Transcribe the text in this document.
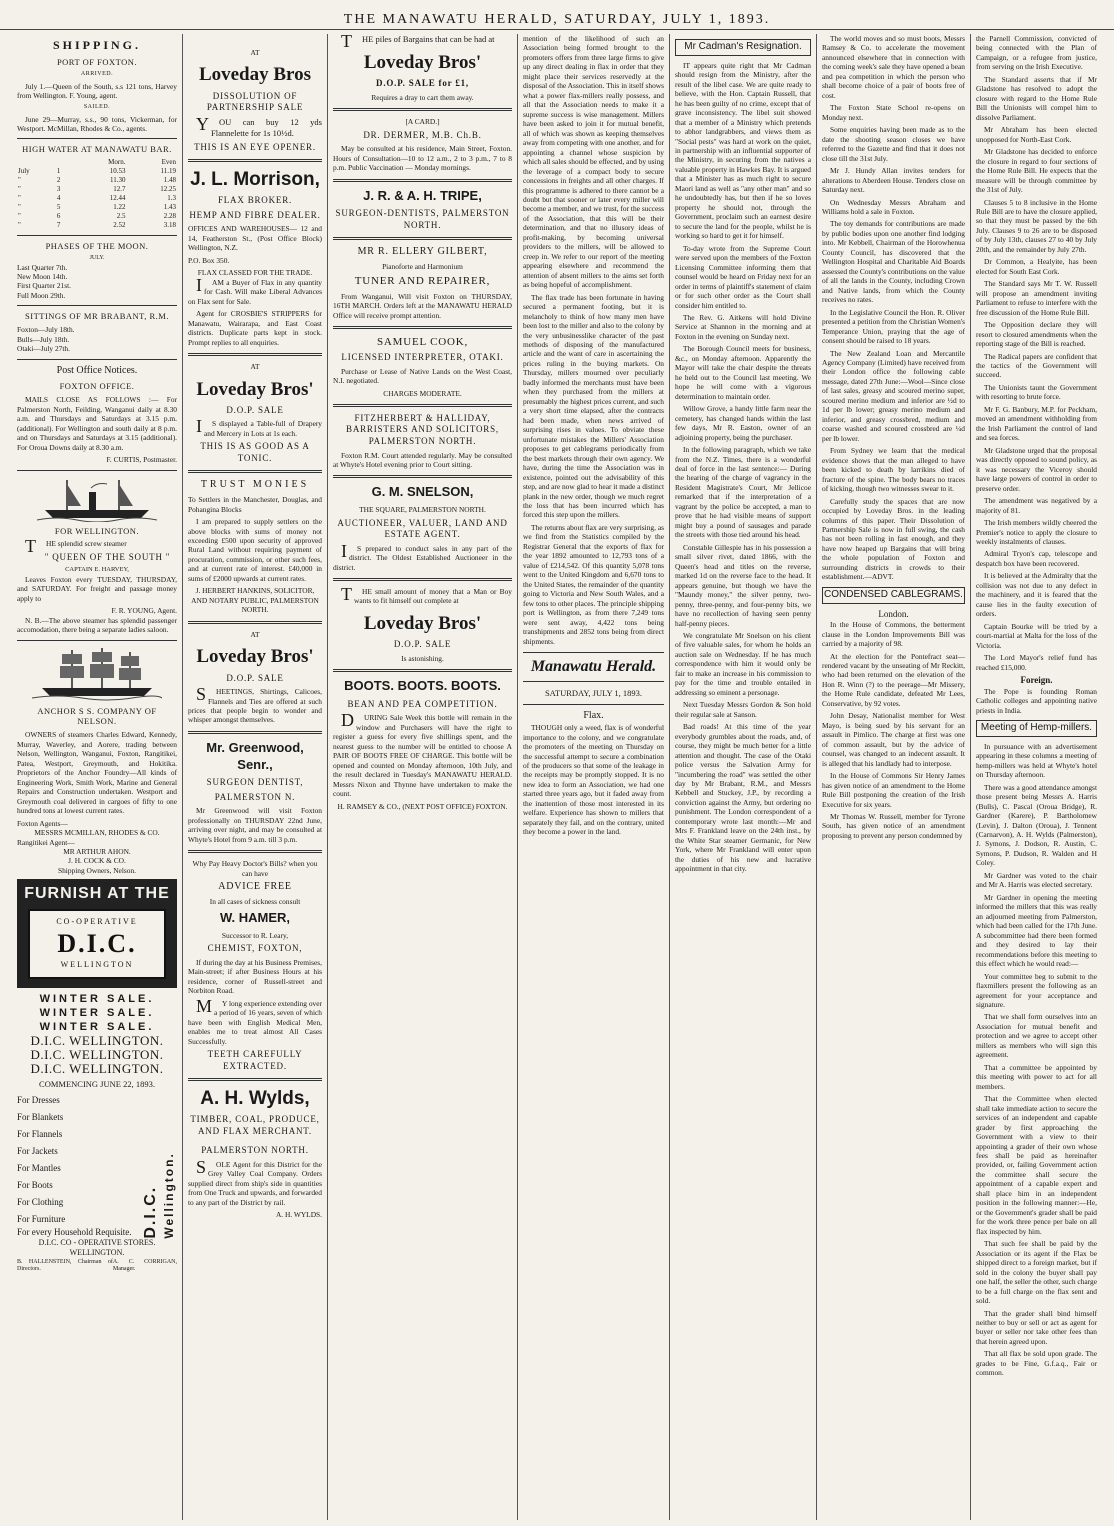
THE MANAWATU HERALD, SATURDAY, JULY 1, 1893.
SHIPPING.
PORT OF FOXTON.
ARRIVED.

July 1.—Queen of the South, s.s 121 tons, Harvey from Wellington. F. Young, agent.

SAILED.

June 29—Murray, s.s., 90 tons, Vickerman, for Westport. McMillan, Rhodes & Co., agents.

HIGH WATER AT MANAWATU BAR.
		Morn.	Even
July	1	10.53	11.19
"	2	11.30	1.48
"	3	12.7	12.25
"	4	12.44	1.3
"	5	1.22	1.43
"	6	2.5	2.28
"	7	2.52	3.18
PHASES OF THE MOON.
JULY.
Last Quarter 7th.
New Moon 14th.
First Quarter 21st.
Full Moon 29th.
SITTINGS OF MR BRABANT, R.M.
Foxton—July 18th.
Bulls—July 18th.
Otaki—July 27th.
Post Office Notices.
FOXTON OFFICE.

MAILS CLOSE AS FOLLOWS :— For Palmerston North, Feilding, Wanganui daily at 8.30 a.m. and Thursdays and Saturdays at 3.15 p.m. (additional). For Wellington and south daily at 8 p.m. and on Thursdays and Saturdays at 3.15 (additional). For Oroua Downs daily at 8.30 a.m.

F. CURTIS, Postmaster.
FOR WELLINGTON.

THE splendid screw steamer

" QUEEN OF THE SOUTH "
CAPTAIN E. HARVEY,

Leaves Foxton every TUESDAY, THURSDAY, and SATURDAY. For freight and passage money apply to

F. R. YOUNG, Agent.

N. B.—The above steamer has splendid passenger accomodation, there being a separate ladies saloon.

ANCHOR S S. COMPANY OF NELSON.

OWNERS of steamers Charles Edward, Kennedy, Murray, Waverley, and Aorere, trading between Nelson, Wellington, Wanganui, Foxton, Rangitikei, Patea, Westport, Greymouth, and Hokitika. Proprietors of the Anchor Foundry—All kinds of Engineering Work, Smith Work, Marine and General Repairs and Construction undertaken. Westport and Greymouth coal delivered in cargoes of fifty to one hundred tons at lowest current rates.

Foxton Agents—
MESSRS MCMILLAN, RHODES & CO.
Rangitikei Agent—
MR ARTHUR AHON.
J. H. COCK & CO.
Shipping Owners, Nelson.
FURNISH AT THE
CO-OPERATIVE
D.I.C.
WELLINGTON
WINTER SALE.
WINTER SALE.
WINTER SALE.
D.I.C. WELLINGTON.
D.I.C. WELLINGTON.
D.I.C. WELLINGTON.
COMMENCING JUNE 22, 1893.
For Dresses
For Blankets
For Flannels
For Jackets
For Mantles
For Boots
For Clothing
For Furniture
For every Household Requisite. D.I.C. Wellington.
D.I.C. CO - OPERATIVE STORES. WELLINGTON.
B. HALLENSTEIN, Chairman of Directors.
A. C. CORRIGAN, Manager.
AT
Loveday Bros
DISSOLUTION OF PARTNERSHIP SALE

YOU can buy 12 yds Flannelette for 1s 10½d.

THIS IS AN EYE OPENER.
J. L. Morrison,
FLAX BROKER.
HEMP AND FIBRE DEALER.

OFFICES AND WAREHOUSES— 12 and 14, Featherston St., (Post Office Block) Wellington, N.Z.

P.O. Box 350.

FLAX CLASSED FOR THE TRADE.

IAM a Buyer of Flax in any quantity for Cash. Will make Liberal Advances on Flax sent for Sale.

Agent for CROSBIE'S STRIPPERS for Manawatu, Wairarapa, and East Coast districts. Duplicate parts kept in stock. Prompt replies to all enquiries.

AT
Loveday Bros'
D.O.P. SALE

IS displayed a Table-full of Drapery and Mercery in Lots at 1s each.

THIS IS AS GOOD AS A TONIC.
TRUST MONIES

To Settlers in the Manchester, Douglas, and Pohangina Blocks

I am prepared to supply settlers on the above blocks with sums of money not exceeding £500 upon security of approved Rural Land without requiring payment of procuration, commission, or other such fees, and at current rate of interest. £40,000 in sums of £2000 upwards at current rates.

J. HERBERT HANKINS, SOLICITOR, AND NOTARY PUBLIC, PALMERSTON NORTH.
AT
Loveday Bros'
D.O.P. SALE

SHEETINGS, Shirtings, Calicoes, Flannels and Ties are offered at such prices that people begin to wonder and whisper amongst themselves.

Mr. Greenwood, Senr.,
SURGEON DENTIST,
PALMERSTON N.

Mr Greenwood will visit Foxton professionally on THURSDAY 22nd June, arriving over night, and may be consulted at Whyte's Hotel from 9 a.m. till 3 p.m.

Why Pay Heavy Doctor's Bills? when you can have
ADVICE FREE
In all cases of sickness consult
W. HAMER,
Successor to R. Leary,
CHEMIST, FOXTON,

If during the day at his Business Premises, Main-street; if after Business Hours at his residence, corner of Russell-street and Norbiton Road.

MY long experience extending over a period of 16 years, seven of which have been with English Medical Men, enables me to treat almost All Cases Successfully.

TEETH CAREFULLY EXTRACTED.
A. H. Wylds,
TIMBER, COAL, PRODUCE, AND FLAX MERCHANT.
PALMERSTON NORTH.

SOLE Agent for this District for the Grey Valley Coal Company. Orders supplied direct from ship's side in quantities from One Truck and upwards, and forwarded to any part of the District by rail.

A. H. WYLDS.

THE piles of Bargains that can be had at

Loveday Bros'
D.O.P. SALE for £1,
Requires a dray to cart them away.
[A CARD.]
DR. DERMER, M.B. Ch.B.

May be consulted at his residence, Main Street, Foxton. Hours of Consultation—10 to 12 a.m., 2 to 3 p.m., 7 to 8 p.m. Public Vaccination — Monday mornings.

J. R. & A. H. TRIPE,
SURGEON-DENTISTS, PALMERSTON NORTH.
MR R. ELLERY GILBERT,
Pianoforte and Harmonium
TUNER AND REPAIRER,

From Wanganui, Will visit Foxton on THURSDAY, 16TH MARCH. Orders left at the MANAWATU HERALD Office will receive prompt attention.

SAMUEL COOK,
LICENSED INTERPRETER, OTAKI.

Purchase or Lease of Native Lands on the West Coast, N.I. negotiated.

CHARGES MODERATE.
FITZHERBERT & HALLIDAY, BARRISTERS AND SOLICITORS, PALMERSTON NORTH.

Foxton R.M. Court attended regularly. May be consulted at Whyte's Hotel evening prior to Court sitting.

G. M. SNELSON,
THE SQUARE, PALMERSTON NORTH.
AUCTIONEER, VALUER, LAND AND ESTATE AGENT.

IS prepared to conduct sales in any part of the district. The Oldest Established Auctioneer in the district.

THE small amount of money that a Man or Boy wants to fit himself out complete at

Loveday Bros'
D.O.P. SALE
Is astonishing.
BOOTS. BOOTS. BOOTS.
BEAN AND PEA COMPETITION.

DURING Sale Week this bottle will remain in the window and Purchasers will have the right to register a guess for every five shillings spent, and the nearest guess to the number will be entitled to choose A PAIR OF BOOTS FREE OF CHARGE. This bottle will be opened and counted on Monday afternoon, 10th July, and the result declared in Tuesday's MANAWATU HERALD. Messrs Nixon and Thynne have undertaken to make the count.

H. RAMSEY & CO., (NEXT POST OFFICE) FOXTON.

mention of the likelihood of such an Association being formed brought to the promoters offers from three large firms to give up any direct dealing in flax in order that they might place their services reservedly at the disposal of the Association. This in itself shows what a power flax-millers really possess, and all that the Association needs to make it a supreme success is wise management. Millers have been asked to join it for mutual benefit, all of which was shown as keeping themselves away from competing with one another, and for appointing a channel whose suspicion by which all sales should be effected, and by using the leverage of a compact body to secure concessions in freights and all other charges. If this programme is adhered to there cannot be a doubt but that sooner or later every miller will become a member, and we trust, for the success of the Association, that this will be their determination, and that no illusory ideas of profit-making, by becoming universal providers to the millers, will be allowed to creep in. We refer to our report of the meeting appearing elsewhere and recommend the attention of absent millers to the aims set forth as being hopeful of accomplishment.

The flax trade has been fortunate in having secured a permanent footing, but it is melancholy to think of how many men have been lost to the miller and also to the colony by the very unbusinesslike character of the past methods of disposing of the manufactured article and the want of care in ascertaining the prices ruling in the buying markets. On Thursday, millers mourned over peculiarly badly informed the merchants must have been when they purchased from the millers at presumably the highest prices current, and such a very short time elapsed, after the contracts had been made, when news arrived of surprising rises in values. To obviate these unfortunate mistakes the Millers' Association proposes to get cablegrams periodically from the best markets through their own agency. We have, during the time the Association was in existence, pointed out the advisability of this step, and are now glad to hear it made a distinct plank in the new order, though we much regret the loss that has been incurred which has forced this step upon the millers.

The returns about flax are very surprising, as we find from the Statistics compiled by the Registrar General that the exports of flax for the year 1892 amounted to 12,793 tons of a value of £214,542. Of this quantity 5,078 tons went to the United Kingdom and 6,670 tons to the United States, the remainder of the quantity going to Victoria and New South Wales, and a few tons to other places. The principle shipping port is Wellington, as from there 7,249 tons were sent away, 4,422 tons being transhipments and 2852 tons being from direct shipments.

Manawatu Herald.
SATURDAY, JULY 1, 1893.
Flax.

THOUGH only a weed, flax is of wonderful importance to the colony, and we congratulate the promoters of the meeting on Thursday on the successful attempt to secure a combination of the producers so that some of the leakage in the receipts may be promptly stopped. It is no new idea to form an Association, we had one started three years ago, but it faded away from the inattention of those most interested in its welfare. Experience has shown to millers that separately they fail, and on the contrary, united they become a power in the land.

Mr Cadman's Resignation.

IT appears quite right that Mr Cadman should resign from the Ministry, after the result of the libel case. We are quite ready to believe, with the Hon. Captain Russell, that he has been guilty of no crime, except that of grave inconsistency. The libel suit showed that a member of a Ministry which pretends to abhor landgrabbers, and views them as "Social pests" was hard at work on the quiet, in partnership with an influential supporter of the Ministry, in securing from the natives a valuable property in Hawkes Bay. It is argued that a Minister has as much right to secure Maori land as well as "any other man" and so he undoubtedly has, but then if he so loves property he should not, through the Government, proclaim such an earnest desire to secure the land for the people, whilst he is working so hard to get it for himself.

To-day wrote from the Supreme Court were served upon the members of the Foxton Licensing Committee informing them that counsel would be heard on Friday next for an order in terms of plaintiff's statement of claim or for such other order as the Court shall consider him entitled to.

The Rev. G. Aitkens will hold Divine Service at Shannon in the morning and at Foxton in the evening on Sunday next.

The Borough Council meets for business, &c., on Monday afternoon. Apparently the Mayor will take the chair despite the threats he held out to the Council last meeting. We hope he will come with a vigorous determination to maintain order.

Willow Grove, a handy little farm near the cemetery, has changed hands within the last few days, Mr R. Easton, owner of an adjoining property, being the purchaser.

In the following paragraph, which we take from the N.Z. Times, there is a wonderful deal of force in the last sentence:— During the hearing of the charge of vagrancy in the Resident Magistrate's Court, Mr Jellicoe remarked that if the interpretation of a vagrant by the police be accepted, a man to prove that he had visible means of support might buy a pound of sausages and parade the streets with those tied around his head.

Constable Gillespie has in his possession a small silver rivet, dated 1866, with the Queen's head and titles on the reverse, marked 1d on the reverse face to the head. It appears genuine, but though we have the "Maundy money," the silver penny, two-penny, three-penny, and four-penny bits, we have no recollection of having seen penny half-penny pieces.

We congratulate Mr Snelson on his client of five valuable sales, for whom he holds an auction sale on Wednesday. If he has much correspondence with him it would only be fair to make an increase in his commission to pay for the time and trouble entailed in addressing so eminent a personage.

Next Tuesday Messrs Gordon & Son hold their regular sale at Sanson.

Bad roads! At this time of the year everybody grumbles about the roads, and, of course, they might be much better for a little attention and thought. The case of the Otaki police versus the Salvation Army for "incumbering the road" was settled the other day by Mr Brabant, R.M., and Messrs Kebbell and Stuckey, J.P., by recording a conviction against the Army, but ordering no punishment. The London correspondent of a contemporary wrote last month:—Mr and Mrs F. Frankland leave on the 24th inst., by the White Star steamer Germanic, for New York, where Mr Frankland will enter upon the duties of his new and lucrative appointment in that city.

The world moves and so must boots, Messrs Ramsey & Co. to accelerate the movement announced elsewhere that in connection with the coming week's sale they have opened a bean and pea competition in which the person who shall become choice of a pair of boots free of cost.

The Foxton State School re-opens on Monday next.

Some enquiries having been made as to the date the shooting season closes we have referred to the Gazette and find that it does not close till the 31st July.

Mr J. Hundy Allan invites tenders for alterations to Aberdeen House. Tenders close on Saturday next.

On Wednesday Messrs Abraham and Williams hold a sale in Foxton.

The toy demands for contributions are made by public bodies upon one another find lodging into. Mr Kebbell, Chairman of the Horowhenua County Council, has discovered that the Wellington Hospital and Charitable Aid Boards assessed the County's contributions on the value of all the lands in the County, including Crown and Native lands, from which the County receives no rates.

In the Legislative Council the Hon. R. Oliver presented a petition from the Christian Women's Temperance Union, praying that the age of consent should be raised to 18 years.

The New Zealand Loan and Mercantile Agency Company (Limited) have received from their London office the following cable message, dated 27th June:—Wool—Since close of last sales, greasy and scoured merino super, scoured merino medium and inferior are ½d to 1d per lb lower; greasy merino medium and inferior, and greasy crossbred, medium and coarse washed and scoured crossbred are ¼d per lb lower.

From Sydney we learn that the medical evidence shows that the man alleged to have been kicked to death by larrikins died of fracture of the spine. The body bears no traces of kicking, though two witnesses swear to it.

Carefully study the spaces that are now occupied by Loveday Bros. in the leading columns of this paper. Their Dissolution of Partnership Sale is now in full swing, the cash has not been rolling in fast enough, and they have now heaped up Bargains that will bring the whole population of Foxton and surrounding districts in crowds to their establishment.—ADVT.

CONDENSED CABLEGRAMS.
London.

In the House of Commons, the betterment clause in the London Improvements Bill was carried by a majority of 98.

At the election for the Pontefract seat—rendered vacant by the unseating of Mr Reckitt, who had been returned on the elevation of the Hon R. Winn (?) to the peerage—Mr Missery, the Home Rule candidate, defeated Mr Lees, Conservative, by 92 votes.

John Desay, Nationalist member for West Mayo, is being sued by his servant for an assault in Pimlico. The charge at first was one of common assault, but by the advice of counsel, was changed to an indecent assault. It is alleged that his landlady had to interpose.

In the House of Commons Sir Henry James has given notice of an amendment to the Home Rule Bill postponing the creation of the Irish Executive for six years.

Mr Thomas W. Russell, member for Tyrone South, has given notice of an amendment proposing to prevent any person condemned by

the Parnell Commission, convicted of being connected with the Plan of Campaign, or a refugee from justice, from serving on the Irish Executive.

The Standard asserts that if Mr Gladstone has resolved to adopt the closure with regard to the Home Rule Bill the Unionists will compel him to dissolve Parliament.

Mr Abraham has been elected unopposed for North-East Cork.

Mr Gladstone has decided to enforce the closure in regard to four sections of the Home Rule Bill. He expects that the measure will be through committee by the 31st of July.

Clauses 5 to 8 inclusive in the Home Rule Bill are to have the closure applied, so that they must be passed by the 6th July. Clauses 9 to 26 are to be disposed of by July 13th, clauses 27 to 40 by July 20th, and the remainder by July 27th.

Dr Common, a Healyite, has been elected for South East Cork.

The Standard says Mr T. W. Russell will propose an amendment inviting Parliament to refuse to interfere with the free discussion of the Home Rule Bill.

The Opposition declare they will resort to closured amendments when the reporting stage of the Bill is reached.

The Radical papers are confident that the tactics of the Government will succeed.

The Unionists taunt the Government with resorting to brute force.

Mr F. G. Banbury, M.P. for Peckham, moved an amendment withholding from the Irish Parliament the control of land and sea forces.

Mr Gladstone urged that the proposal was directly opposed to sound policy, as it was necessary the Viceroy should have large powers of control in order to preserve order.

The amendment was negatived by a majority of 81.

The Irish members wildly cheered the Premier's notice to apply the closure to weekly instalments of clauses.

Admiral Tryon's cap, telescope and despatch box have been recovered.

It is believed at the Admiralty that the collision was not due to any defect in the machinery, and it is feared that the cause lies in the faulty execution of orders.

Captain Bourke will be tried by a court-martial at Malta for the loss of the Victoria.

The Lord Mayor's relief fund has reached £15,000.

Foreign.

The Pope is founding Roman Catholic colleges and appointing native priests in India.

Meeting of Hemp-millers.

In pursuance with an advertisement appearing in these columns a meeting of hemp-millers was held at Whyte's hotel on Thursday afternoon.

There was a good attendance amongst those present being Messrs A. Harris (Bulls), C. Pascal (Oroua Bridge), R. Gardner (Karere), P. Bartholomew (Levin), J. Dalton (Oroua), J. Tennent (Carnarvon), A. H. Wylds (Palmerston), J. Symons, J. Dodson, R. Austin, C. Symons, P. Dudson, R. Walden and H Coley.

Mr Gardner was voted to the chair and Mr A. Harris was elected secretary.

Mr Gardner in opening the meeting informed the millers that this was really an adjourned meeting from Palmerston, which had been called for the 17th June. A subcommittee had there been formed and they desired to lay their recommendations before this meeting to this effect which he would read:—

Your committee beg to submit to the flaxmillers present the following as an agreement for your acceptance and signature.

That we shall form ourselves into an Association for mutual benefit and protection and we agree to accept other millers as members who will sign this agreement.

That a committee be appointed by this meeting with power to act for all members.

That the Committee when elected shall take immediate action to secure the services of an independent and capable grader by first approaching the Government with a view to their appointing a grader of their own whose fees shall be paid as hereinafter provided, or, failing Government action the committee shall secure the appointment of a capable expert and shall place him in an independent position in the following manner:—He, or the Government's grader shall be paid for the work three pence per bale on all flax inspected by him.

That such fee shall be paid by the Association or its agent if the Flax be shipped direct to a foreign market, but if sold in the colony the buyer shall pay one half, the seller the other, such charge to be a full charge on the flax sent and sold.

That the grader shall bind himself neither to buy or sell or act as agent for buyer or seller nor take other fees than that herein agreed upon.

That all flax be sold upon grade. The grades to be Fine, G.f.a.q., Fair or common.
